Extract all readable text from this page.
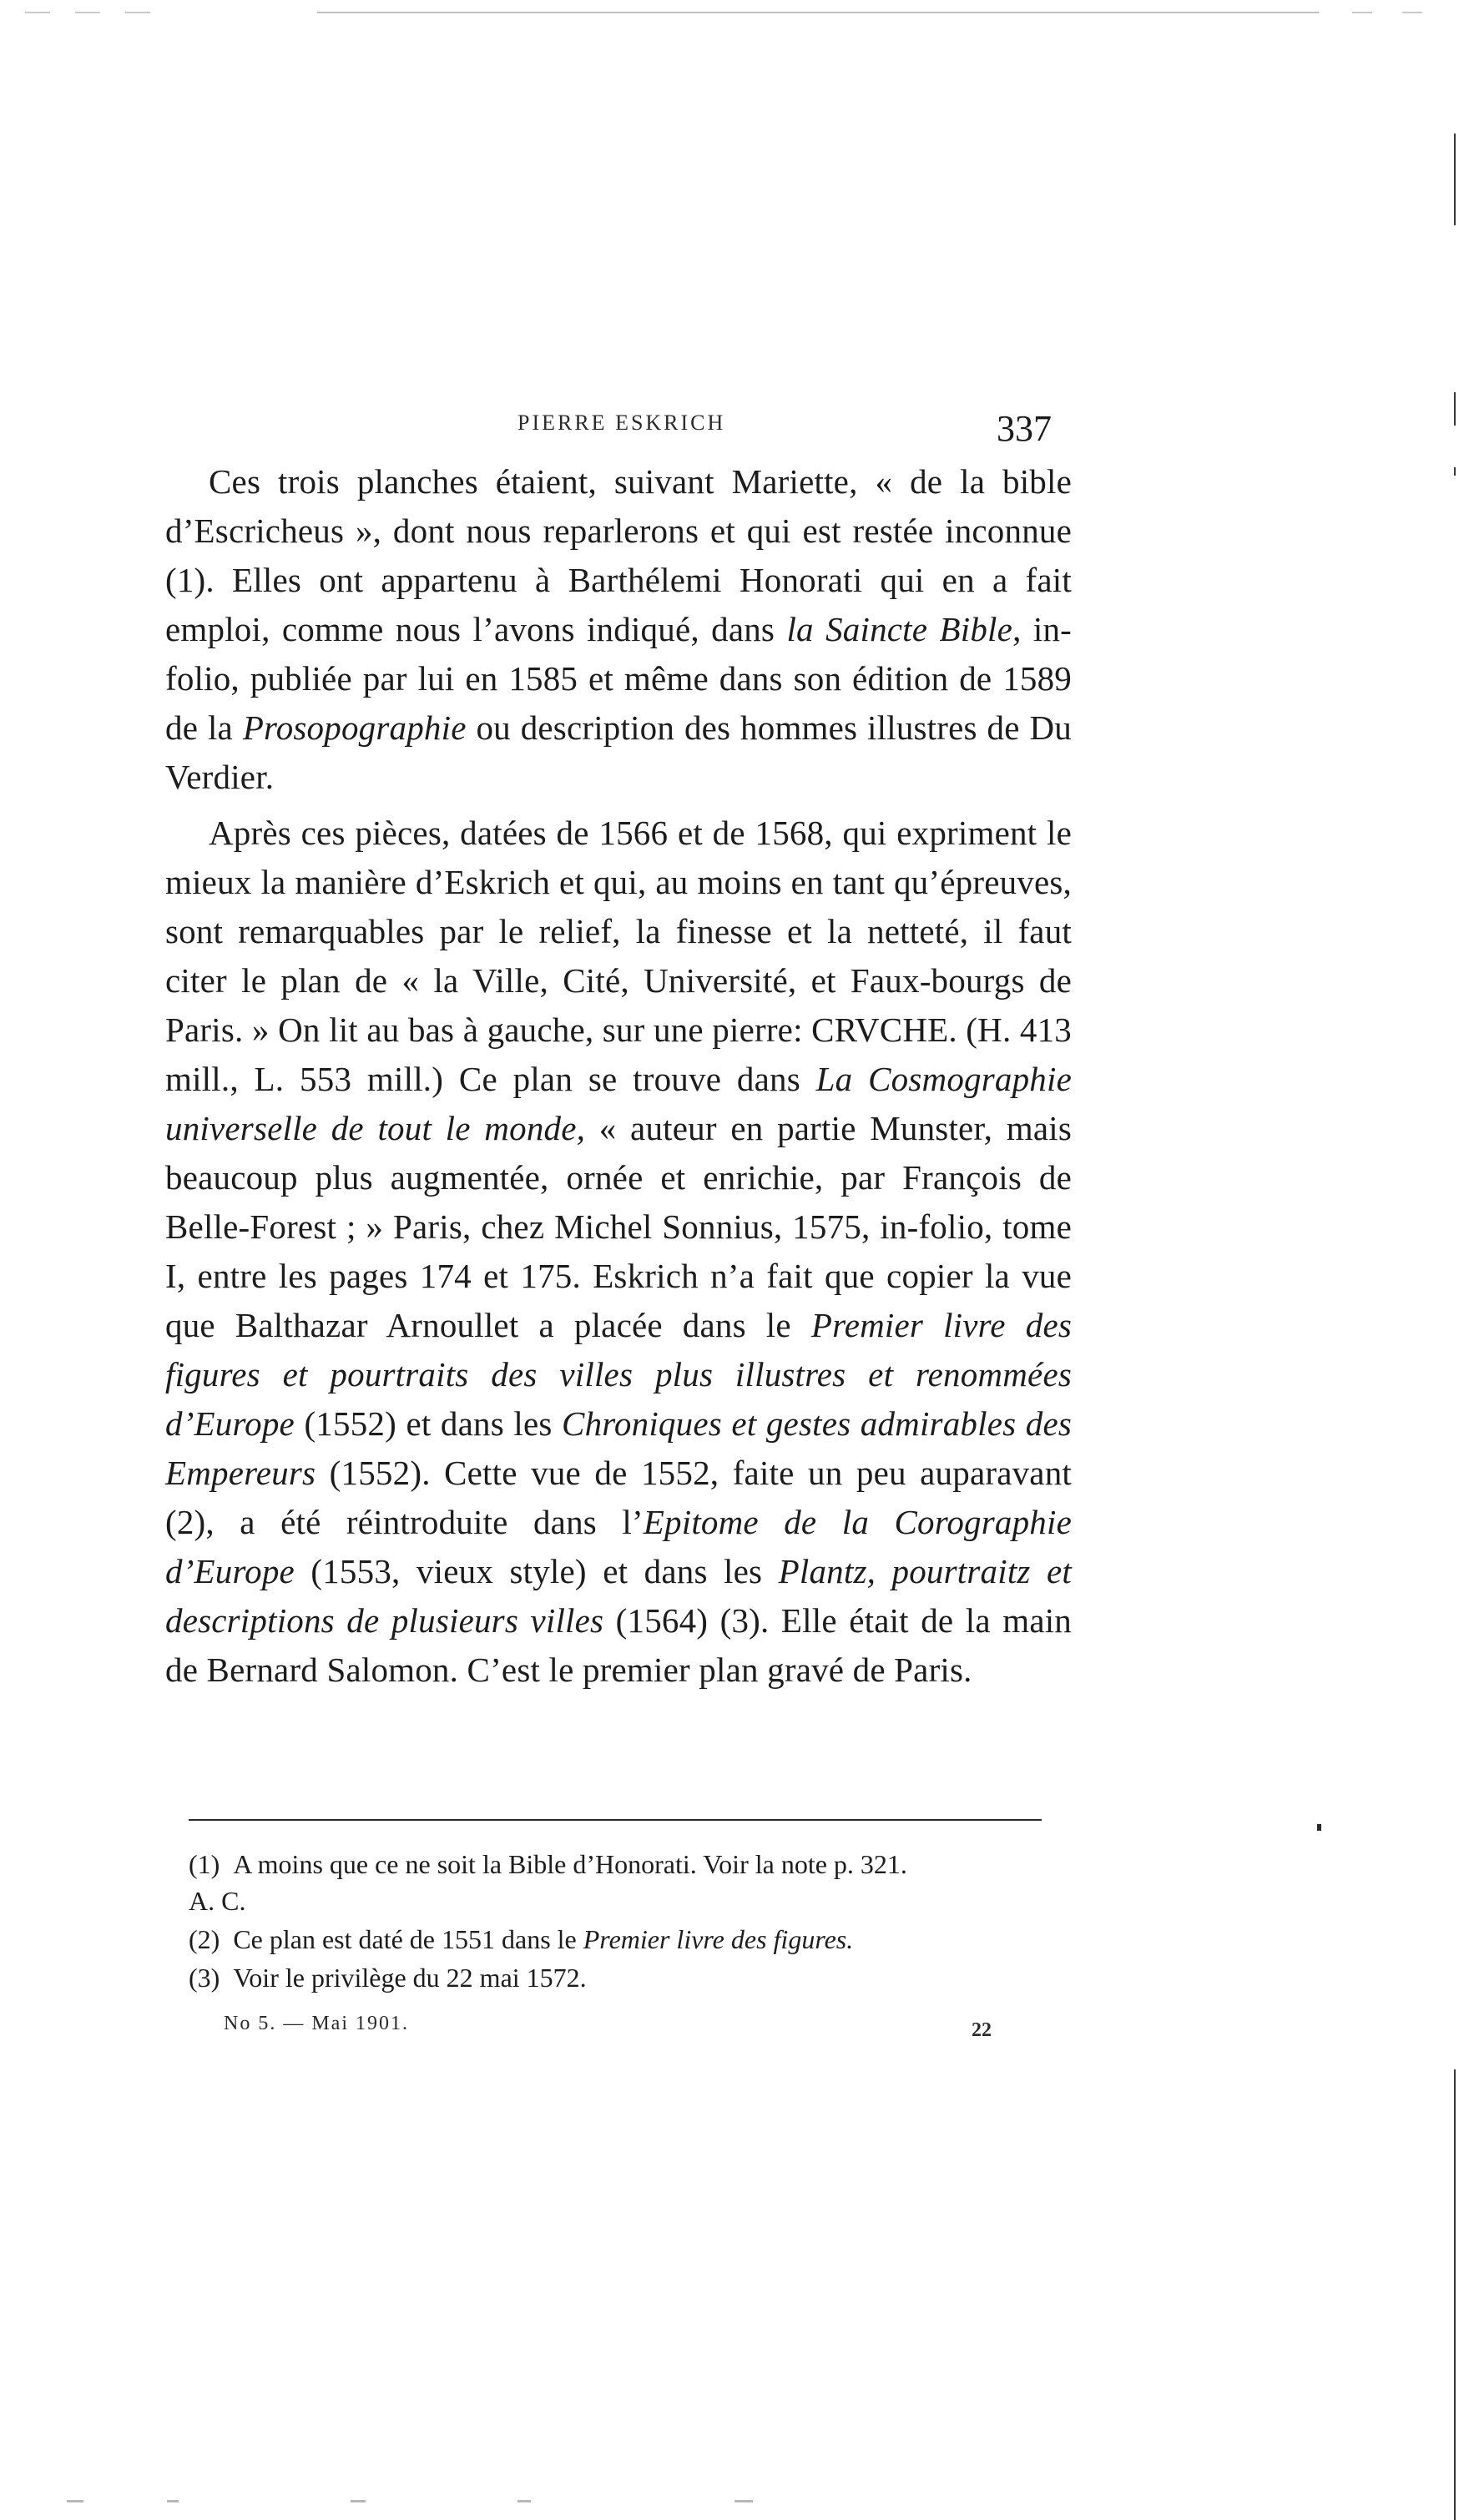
PIERRE ESKRICH	337

Ces trois planches étaient, suivant Mariette, « de la bible d’Escricheus », dont nous reparlerons et qui est restée inconnue (1). Elles ont appartenu à Barthélemi Honorati qui en a fait emploi, comme nous l’avons indiqué, dans la Saincte Bible, in-folio, publiée par lui en 1585 et même dans son édition de 1589 de la Prosopographie ou description des hommes illustres de Du Verdier.

Après ces pièces, datées de 1566 et de 1568, qui expriment le mieux la manière d’Eskrich et qui, au moins en tant qu’épreuves, sont remarquables par le relief, la finesse et la netteté, il faut citer le plan de « la Ville, Cité, Université, et Faux-bourgs de Paris. » On lit au bas à gauche, sur une pierre: CRVCHE. (H. 413 mill., L. 553 mill.) Ce plan se trouve dans La Cosmographie universelle de tout le monde, « auteur en partie Munster, mais beaucoup plus augmentée, ornée et enrichie, par François de Belle-Forest ; » Paris, chez Michel Sonnius, 1575, in-folio, tome I, entre les pages 174 et 175. Eskrich n’a fait que copier la vue que Balthazar Arnoullet a placée dans le Premier livre des figures et pourtraits des villes plus illustres et renommées d’Europe (1552) et dans les Chroniques et gestes admirables des Empereurs (1552). Cette vue de 1552, faite un peu auparavant (2), a été réintroduite dans l’Epitome de la Corographie d’Europe (1553, vieux style) et dans les Plantz, pourtraitz et descriptions de plusieurs villes (1564) (3). Elle était de la main de Bernard Salomon. C’est le premier plan gravé de Paris.

(1) A moins que ce ne soit la Bible d’Honorati. Voir la note p. 321.
A. C.

(2) Ce plan est daté de 1551 dans le Premier livre des figures.

(3) Voir le privilège du 22 mai 1572.

No 5. — Mai 1901.	22
